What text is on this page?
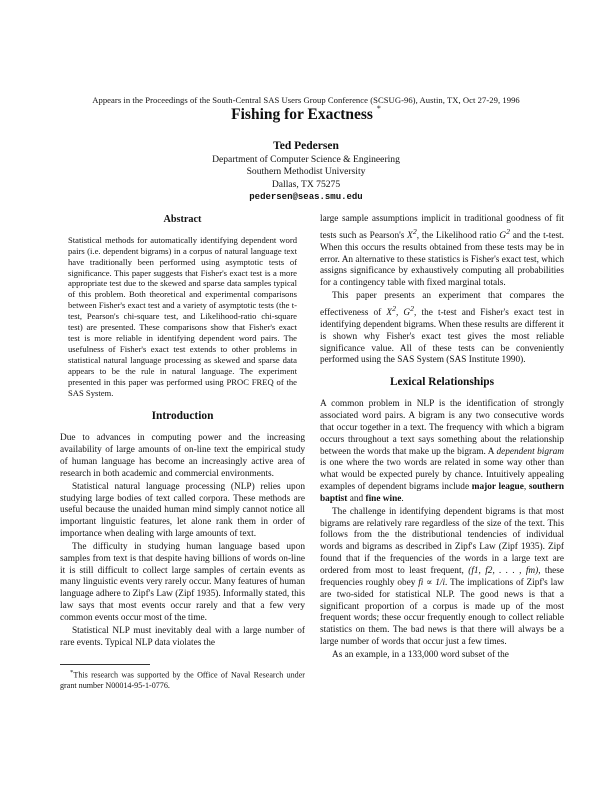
Appears in the Proceedings of the South-Central SAS Users Group Conference (SCSUG-96), Austin, TX, Oct 27-29, 1996
Fishing for Exactness *
Ted Pedersen
Department of Computer Science & Engineering
Southern Methodist University
Dallas, TX 75275
pedersen@seas.smu.edu
Abstract

Statistical methods for automatically identifying dependent word pairs (i.e. dependent bigrams) in a corpus of natural language text have traditionally been performed using asymptotic tests of significance. This paper suggests that Fisher's exact test is a more appropriate test due to the skewed and sparse data samples typical of this problem. Both theoretical and experimental comparisons between Fisher's exact test and a variety of asymptotic tests (the t-test, Pearson's chi-square test, and Likelihood-ratio chi-square test) are presented. These comparisons show that Fisher's exact test is more reliable in identifying dependent word pairs. The usefulness of Fisher's exact test extends to other problems in statistical natural language processing as skewed and sparse data appears to be the rule in natural language. The experiment presented in this paper was performed using PROC FREQ of the SAS System.

Introduction

Due to advances in computing power and the increasing availability of large amounts of on-line text the empirical study of human language has become an increasingly active area of research in both academic and commercial environments.

Statistical natural language processing (NLP) relies upon studying large bodies of text called corpora. These methods are useful because the unaided human mind simply cannot notice all important linguistic features, let alone rank them in order of importance when dealing with large amounts of text.

The difficulty in studying human language based upon samples from text is that despite having billions of words on-line it is still difficult to collect large samples of certain events as many linguistic events very rarely occur. Many features of human language adhere to Zipf's Law (Zipf 1935). Informally stated, this law says that most events occur rarely and that a few very common events occur most of the time.

Statistical NLP must inevitably deal with a large number of rare events. Typical NLP data violates the

*This research was supported by the Office of Naval Research under grant number N00014-95-1-0776.

large sample assumptions implicit in traditional goodness of fit tests such as Pearson's $X^2$, the Likelihood ratio $G^2$ and the t-test. When this occurs the results obtained from these tests may be in error. An alternative to these statistics is Fisher's exact test, which assigns significance by exhaustively computing all probabilities for a contingency table with fixed marginal totals.

This paper presents an experiment that compares the effectiveness of $X^2$, $G^2$, the t-test and Fisher's exact test in identifying dependent bigrams. When these results are different it is shown why Fisher's exact test gives the most reliable significance value. All of these tests can be conveniently performed using the SAS System (SAS Institute 1990).

Lexical Relationships

A common problem in NLP is the identification of strongly associated word pairs. A bigram is any two consecutive words that occur together in a text. The frequency with which a bigram occurs throughout a text says something about the relationship between the words that make up the bigram. A dependent bigram is one where the two words are related in some way other than what would be expected purely by chance. Intuitively appealing examples of dependent bigrams include major league, southern baptist and fine wine.

The challenge in identifying dependent bigrams is that most bigrams are relatively rare regardless of the size of the text. This follows from the the distributional tendencies of individual words and bigrams as described in Zipf's Law (Zipf 1935). Zipf found that if the frequencies of the words in a large text are ordered from most to least frequent, (f1, f2, . . . , fm), these frequencies roughly obey fi ∝ 1/i. The implications of Zipf's law are two-sided for statistical NLP. The good news is that a significant proportion of a corpus is made up of the most frequent words; these occur frequently enough to collect reliable statistics on them. The bad news is that there will always be a large number of words that occur just a few times.

As an example, in a 133,000 word subset of the
